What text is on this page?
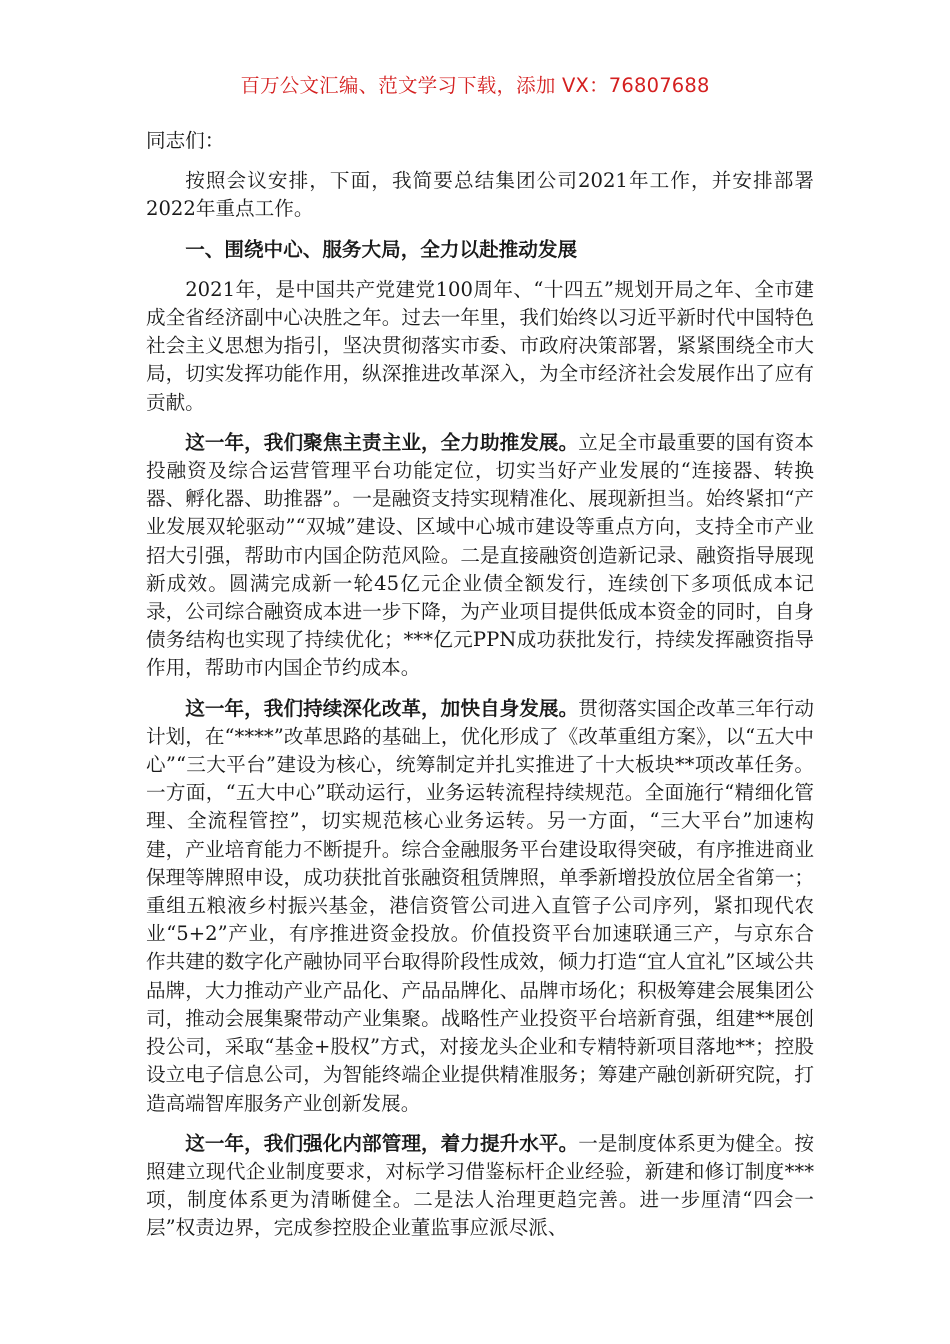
百万公文汇编、范文学习下载，添加 VX：76807688

同志们：

按照会议安排，下面，我简要总结集团公司2021年工作，并安排部署2022年重点工作。

一、围绕中心、服务大局，全力以赴推动发展

2021年，是中国共产党建党100周年、“十四五”规划开局之年、全市建成全省经济副中心决胜之年。过去一年里，我们始终以习近平新时代中国特色社会主义思想为指引，坚决贯彻落实市委、市政府决策部署，紧紧围绕全市大局，切实发挥功能作用，纵深推进改革深入，为全市经济社会发展作出了应有贡献。

这一年，我们聚焦主责主业，全力助推发展。立足全市最重要的国有资本投融资及综合运营管理平台功能定位，切实当好产业发展的“连接器、转换器、孵化器、助推器”。一是融资支持实现精准化、展现新担当。始终紧扣“产业发展双轮驱动”“双城”建设、区域中心城市建设等重点方向，支持全市产业招大引强，帮助市内国企防范风险。二是直接融资创造新记录、融资指导展现新成效。圆满完成新一轮45亿元企业债全额发行，连续创下多项低成本记录，公司综合融资成本进一步下降，为产业项目提供低成本资金的同时，自身债务结构也实现了持续优化；***亿元PPN成功获批发行，持续发挥融资指导作用，帮助市内国企节约成本。

这一年，我们持续深化改革，加快自身发展。贯彻落实国企改革三年行动计划，在“****”改革思路的基础上，优化形成了《改革重组方案》，以“五大中心”“三大平台”建设为核心，统筹制定并扎实推进了十大板块**项改革任务。一方面，“五大中心”联动运行，业务运转流程持续规范。全面施行“精细化管理、全流程管控”，切实规范核心业务运转。另一方面，“三大平台”加速构建，产业培育能力不断提升。综合金融服务平台建设取得突破，有序推进商业保理等牌照申设，成功获批首张融资租赁牌照，单季新增投放位居全省第一；重组五粮液乡村振兴基金，港信资管公司进入直管子公司序列，紧扣现代农业“5+2”产业，有序推进资金投放。价值投资平台加速联通三产，与京东合作共建的数字化产融协同平台取得阶段性成效，倾力打造“宜人宜礼”区域公共品牌，大力推动产业产品化、产品品牌化、品牌市场化；积极筹建会展集团公司，推动会展集聚带动产业集聚。战略性产业投资平台培新育强，组建**展创投公司，采取“基金+股权”方式，对接龙头企业和专精特新项目落地**；控股设立电子信息公司，为智能终端企业提供精准服务；筹建产融创新研究院，打造高端智库服务产业创新发展。

这一年，我们强化内部管理，着力提升水平。一是制度体系更为健全。按照建立现代企业制度要求，对标学习借鉴标杆企业经验，新建和修订制度***项，制度体系更为清晰健全。二是法人治理更趋完善。进一步厘清“四会一层”权责边界，完成参控股企业董监事应派尽派、
